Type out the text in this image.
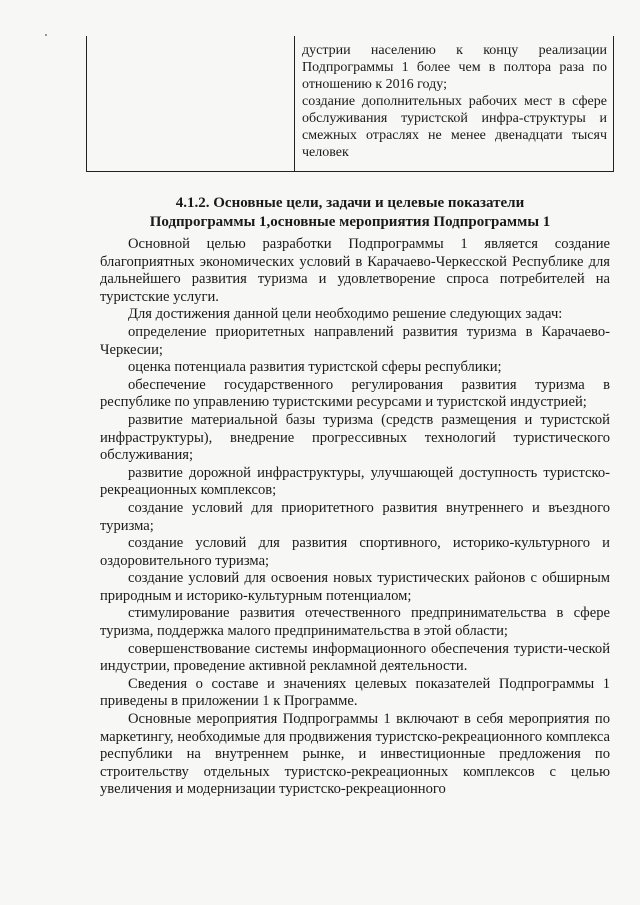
дустрии населению к концу реализации Подпрограммы 1 более чем в полтора раза по отношению к 2016 году;

создание дополнительных рабочих мест в сфере обслуживания туристской инфра-структуры и смежных отраслях не менее двенадцати тысяч человек

4.1.2. Основные цели, задачи и целевые показатели
Подпрограммы 1,основные мероприятия Подпрограммы 1

Основной целью разработки Подпрограммы 1 является создание благоприятных экономических условий в Карачаево-Черкесской Республике для дальнейшего развития туризма и удовлетворение спроса потребителей на туристские услуги.

Для достижения данной цели необходимо решение следующих задач:

определение приоритетных направлений развития туризма в Карачаево-Черкесии;

оценка потенциала развития туристской сферы республики;

обеспечение государственного регулирования развития туризма в республике по управлению туристскими ресурсами и туристской индустрией;

развитие материальной базы туризма (средств размещения и туристской инфраструктуры), внедрение прогрессивных технологий туристического обслуживания;

развитие дорожной инфраструктуры, улучшающей доступность туристско-рекреационных комплексов;

создание условий для приоритетного развития внутреннего и въездного туризма;

создание условий для развития спортивного, историко-культурного и оздоровительного туризма;

создание условий для освоения новых туристических районов с обширным природным и историко-культурным потенциалом;

стимулирование развития отечественного предпринимательства в сфере туризма, поддержка малого предпринимательства в этой области;

совершенствование системы информационного обеспечения туристи-ческой индустрии, проведение активной рекламной деятельности.

Сведения о составе и значениях целевых показателей Подпрограммы 1 приведены в приложении 1 к Программе.

Основные мероприятия Подпрограммы 1 включают в себя мероприятия по маркетингу, необходимые для продвижения туристско-рекреационного комплекса республики на внутреннем рынке, и инвестиционные предложения по строительству отдельных туристско-рекреационных комплексов с целью увеличения и модернизации туристско-рекреационного
